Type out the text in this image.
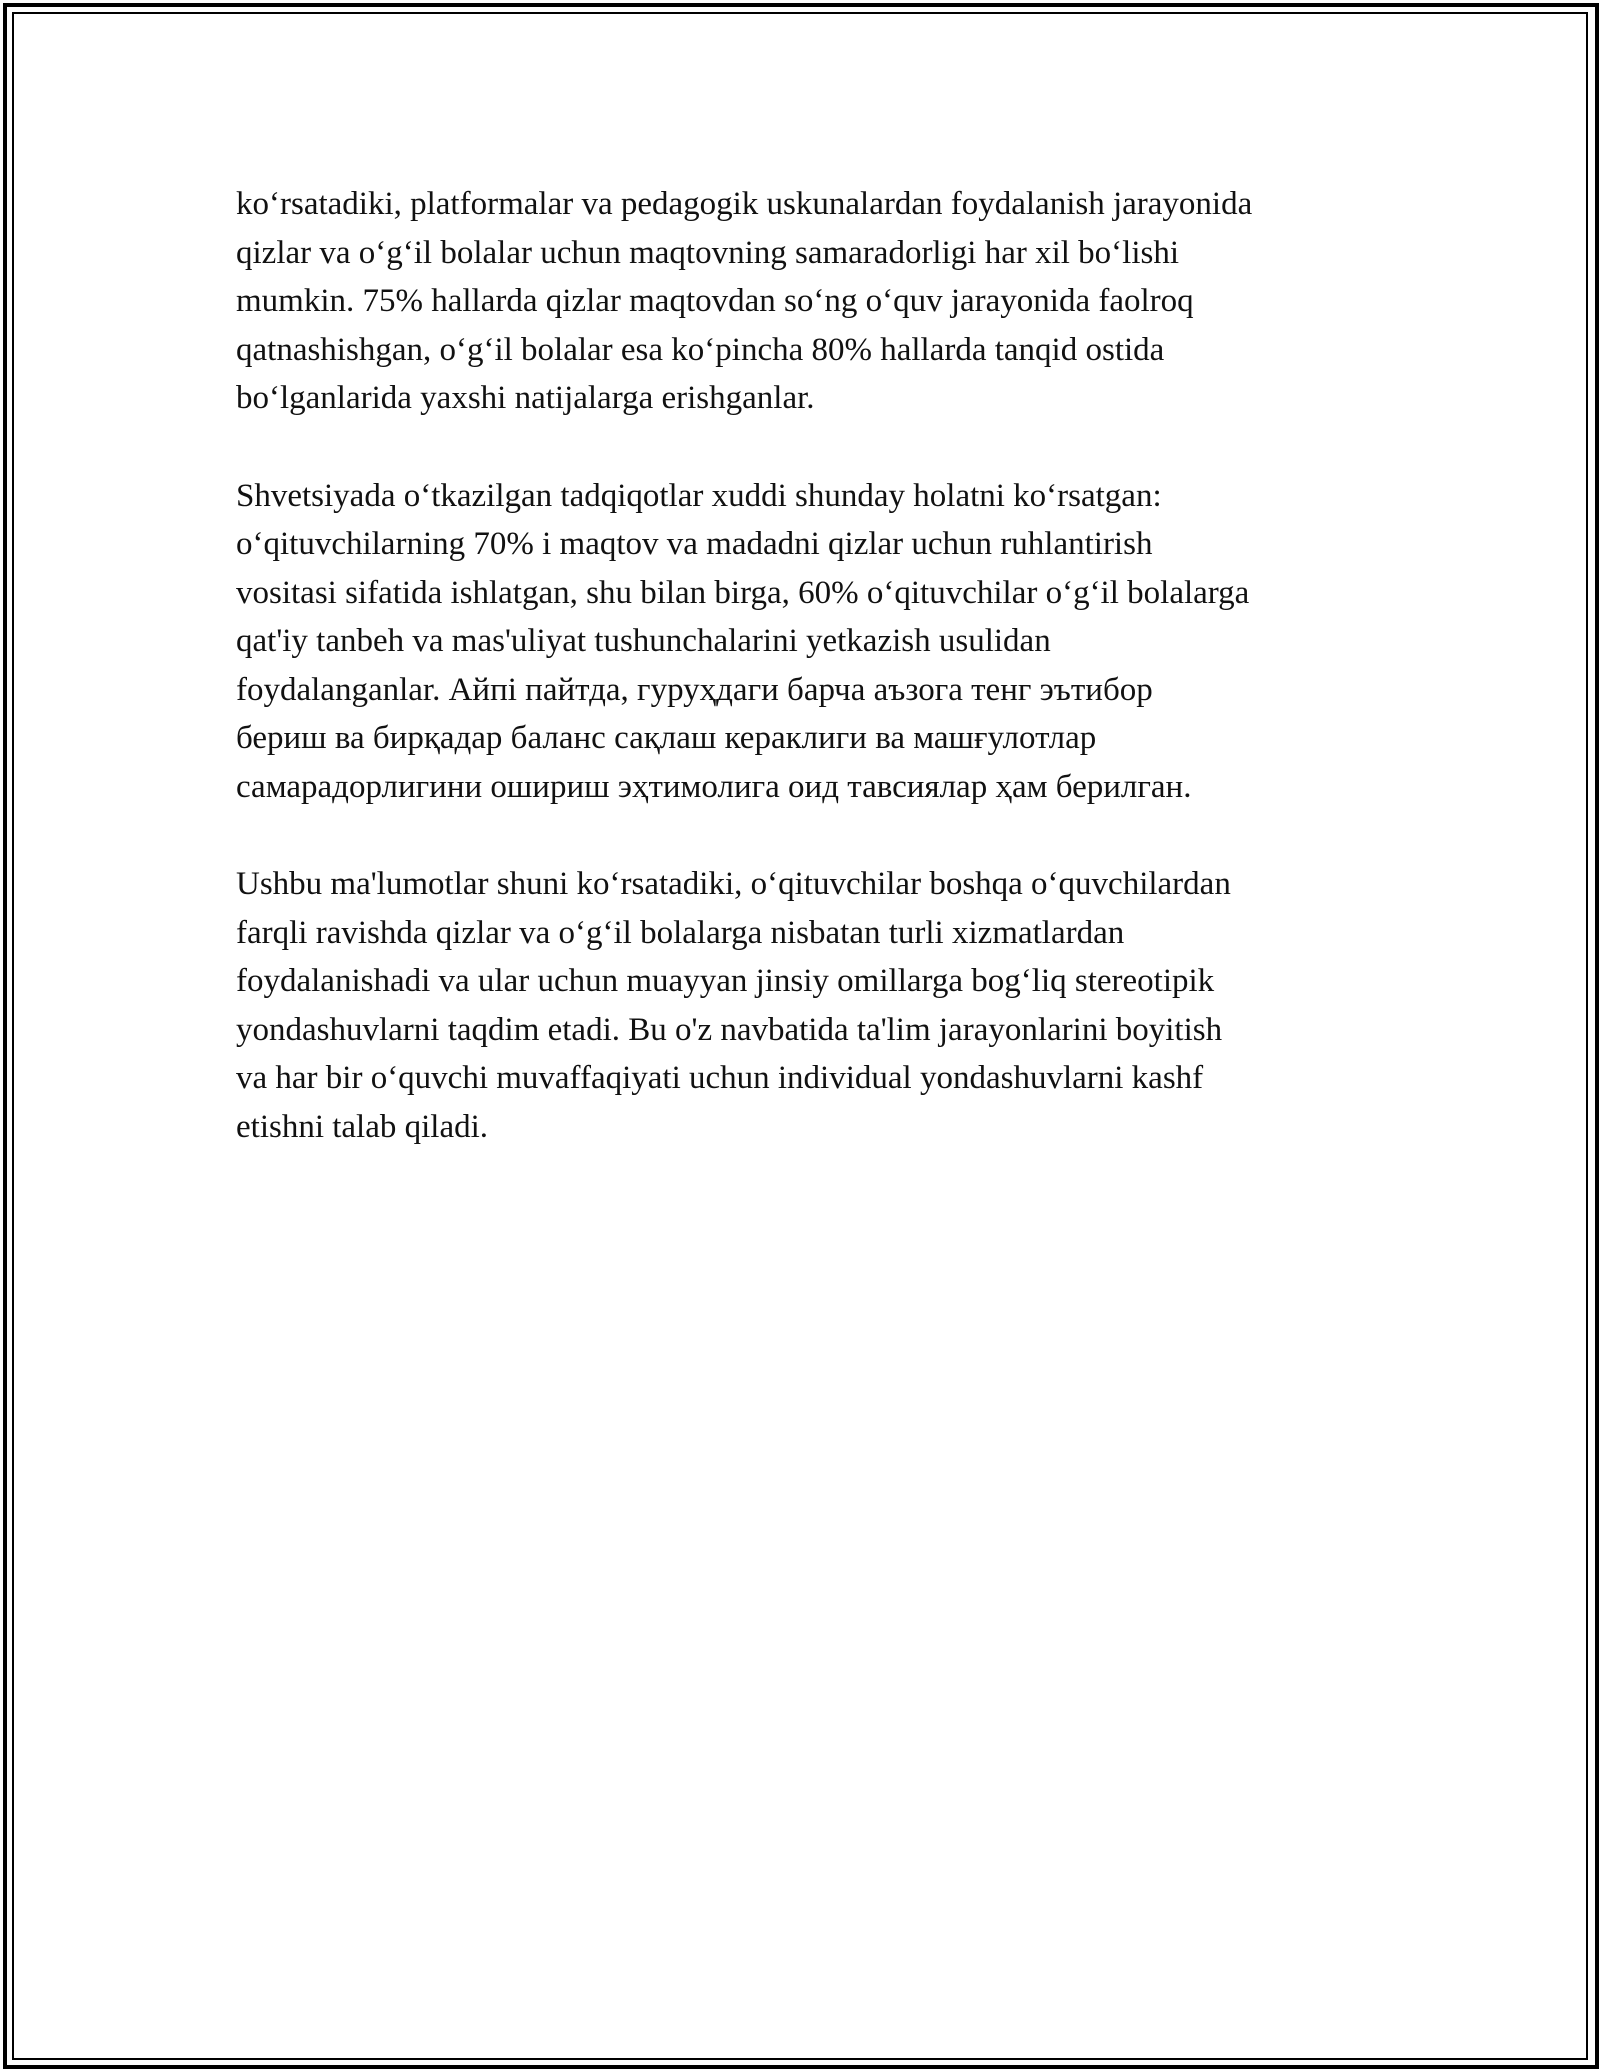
ko‘rsatadiki, platformalar va pedagogik uskunalardan foydalanish jarayonida
qizlar va o‘g‘il bolalar uchun maqtovning samaradorligi har xil bo‘lishi
mumkin. 75% hallarda qizlar maqtovdan so‘ng o‘quv jarayonida faolroq
qatnashishgan, o‘g‘il bolalar esa ko‘pincha 80% hallarda tanqid ostida
bo‘lganlarida yaxshi natijalarga erishganlar.

Shvetsiyada o‘tkazilgan tadqiqotlar xuddi shunday holatni ko‘rsatgan:
o‘qituvchilarning 70% i maqtov va madadni qizlar uchun ruhlantirish
vositasi sifatida ishlatgan, shu bilan birga, 60% o‘qituvchilar o‘g‘il bolalarga
qat'iy tanbeh va mas'uliyat tushunchalarini yetkazish usulidan
foydalanganlar. Айпі пайтда, гуруҳдаги барча аъзога тенг эътибор
бериш ва бирқадар баланс сақлаш кераклиги ва машғулотлар
самарадорлигини ошириш эҳтимолига оид тавсиялар ҳам берилган.

Ushbu ma'lumotlar shuni ko‘rsatadiki, o‘qituvchilar boshqa o‘quvchilardan
farqli ravishda qizlar va o‘g‘il bolalarga nisbatan turli xizmatlardan
foydalanishadi va ular uchun muayyan jinsiy omillarga bog‘liq stereotipik
yondashuvlarni taqdim etadi. Bu o'z navbatida ta'lim jarayonlarini boyitish
va har bir o‘quvchi muvaffaqiyati uchun individual yondashuvlarni kashf
etishni talab qiladi.
